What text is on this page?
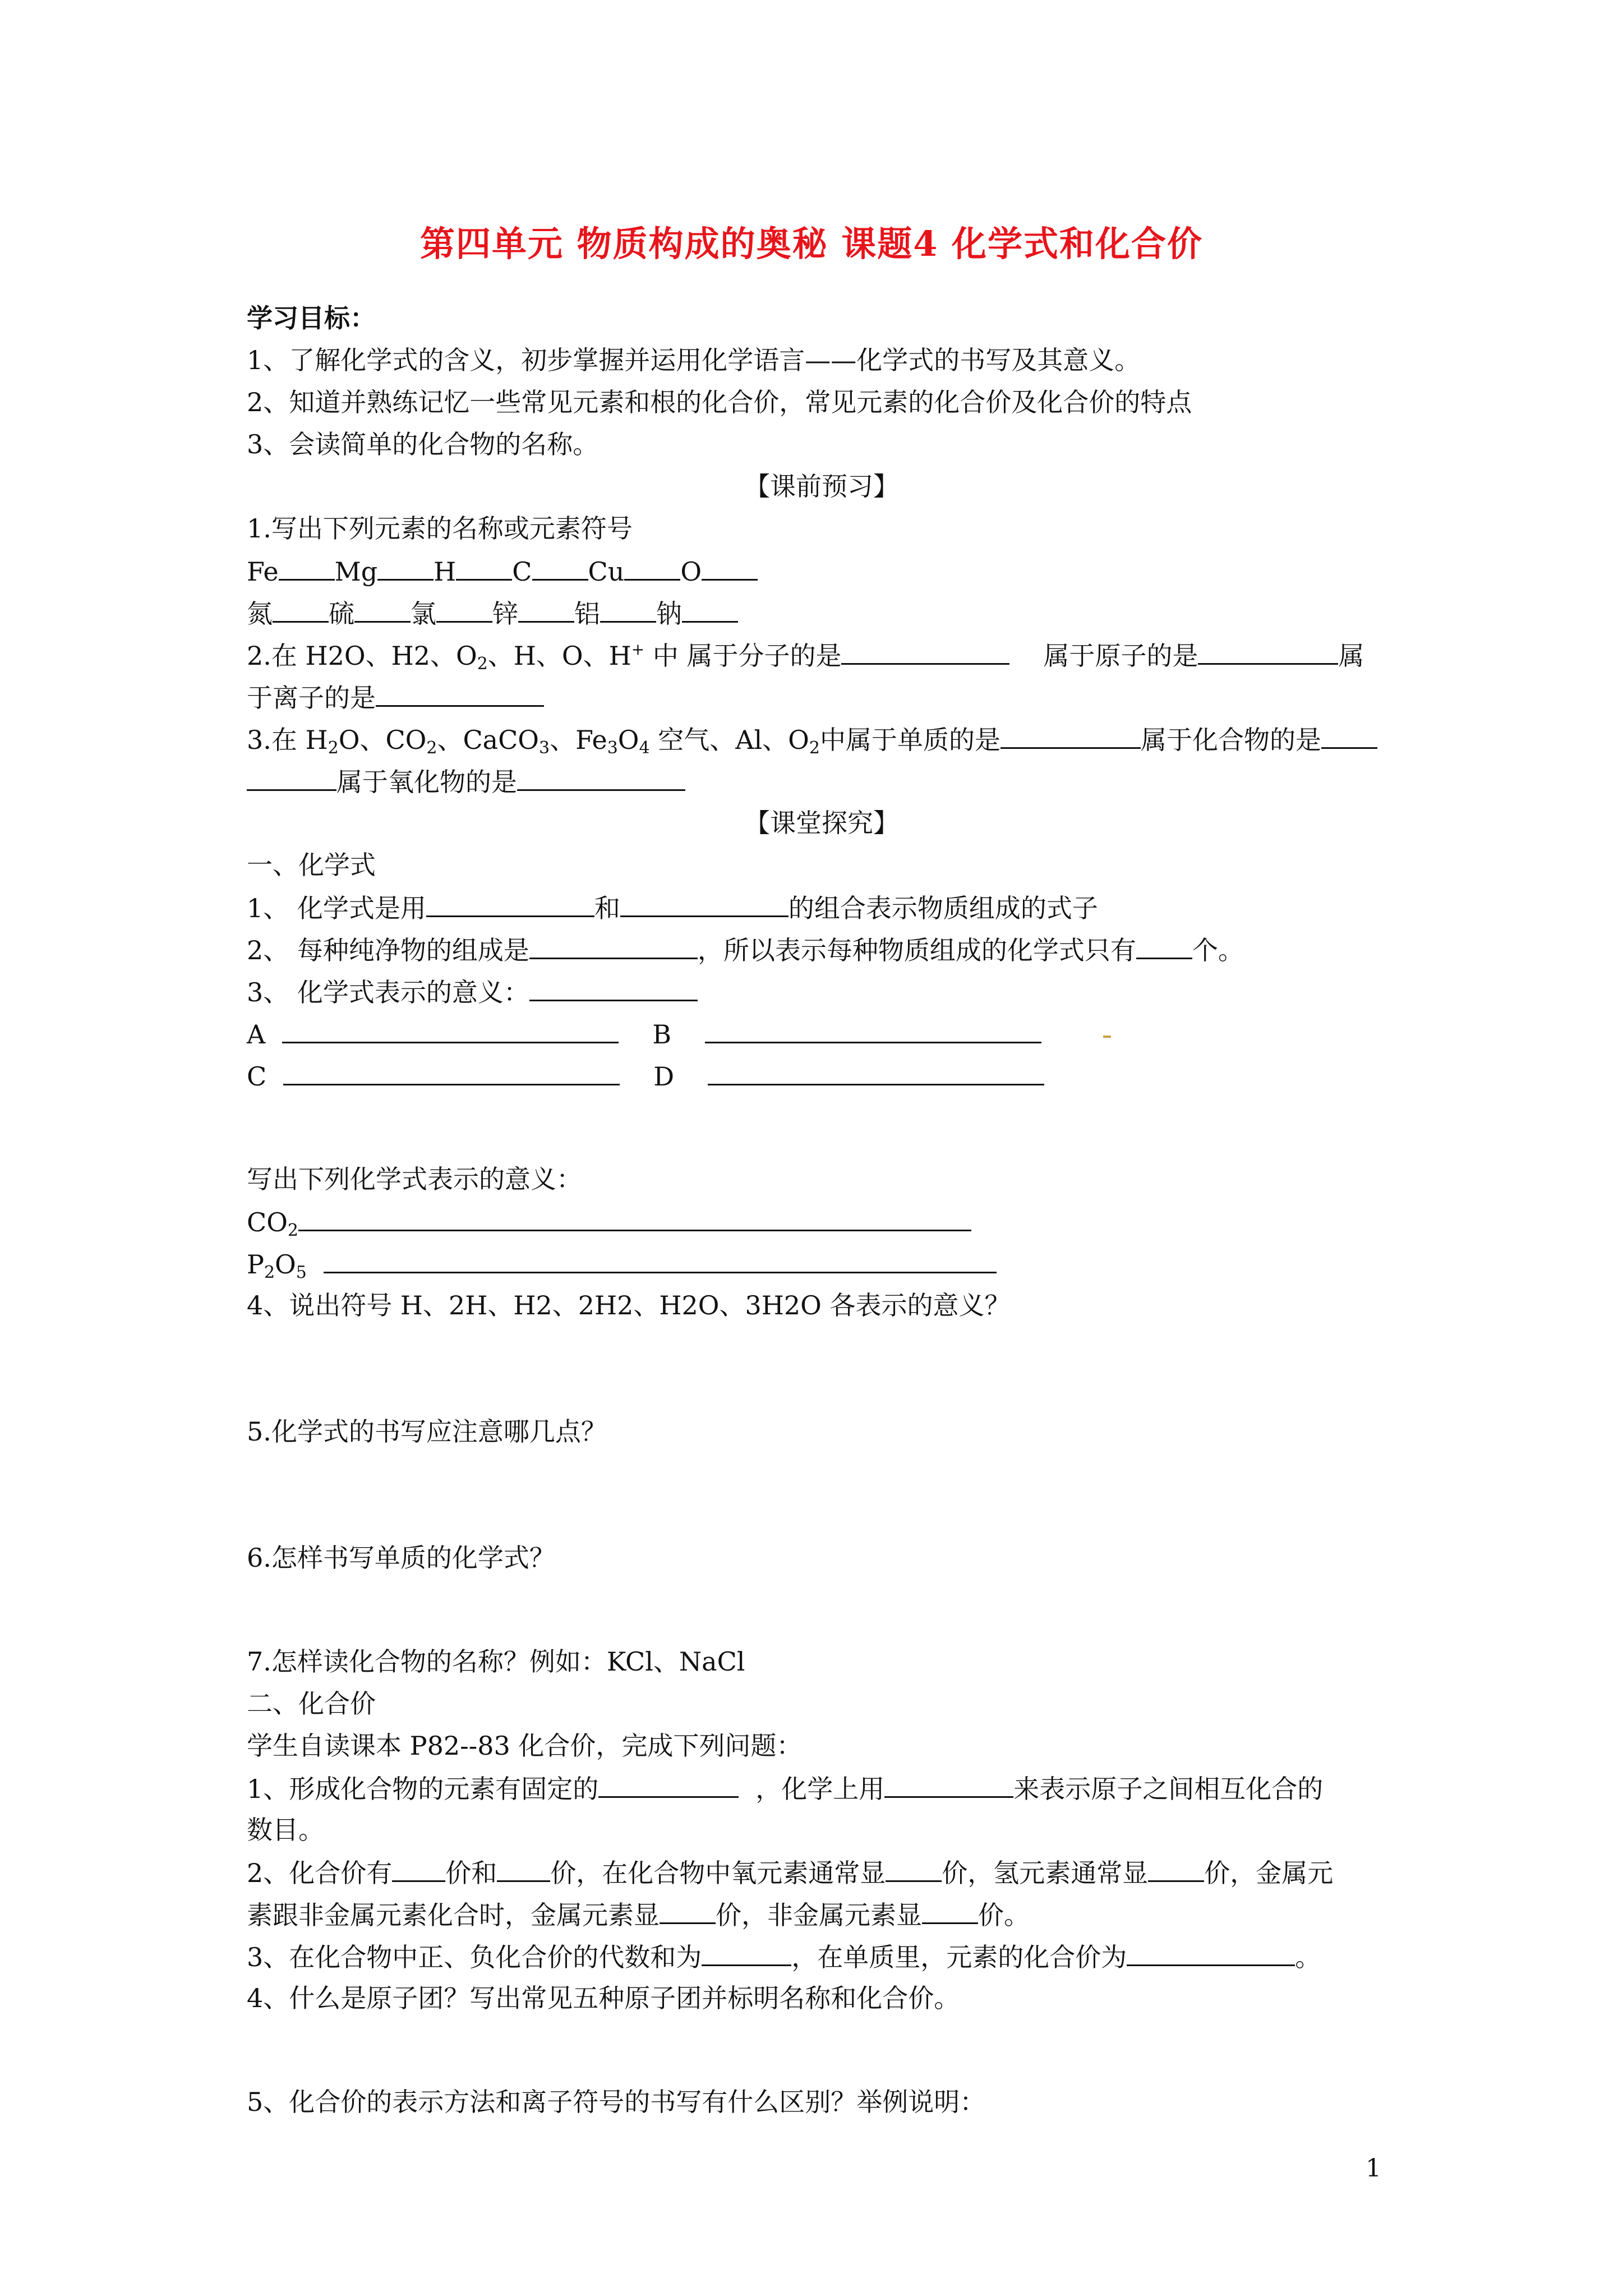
第四单元 物质构成的奥秘 课题4 化学式和化合价
学习目标：
1、了解化学式的含义，初步掌握并运用化学语言——化学式的书写及其意义。
2、知道并熟练记忆一些常见元素和根的化合价，常见元素的化合价及化合价的特点
3、会读简单的化合物的名称。
【课前预习】
1.写出下列元素的名称或元素符号
Fe Mg H C Cu O
氮 硫 氯 锌 铝 钠
2.在 H2O、H2、$O_2$、H、O、H+ 中 属于分子的是	属于原子的是	属
于离子的是
3.在 $H_2O$、$CO_2$、CaCO$_3$、$Fe_3O_4$ 空气、Al、$O_2$中属于单质的是	属于化合物的是
属于氧化物的是
【课堂探究】
一、化学式
1、 化学式是用	和	的组合表示物质组成的式子
2、 每种纯净物的组成是	，所以表示每种物质组成的化学式只有 个。
3、 化学式表示的意义：
A	B
C	D
写出下列化学式表示的意义：
$CO_2$
$P_2O_5$
4、说出符号 H、2H、H2、2H2、H2O、3H2O 各表示的意义？
5.化学式的书写应注意哪几点？
6.怎样书写单质的化学式？
7.怎样读化合物的名称？例如：KCl、NaCl
二、化合价
学生自读课本 P82--83 化合价，完成下列问题：
1、形成化合物的元素有固定的	，化学上用	来表示原子之间相互化合的
数目。
2、化合价有 价和 价，在化合物中氧元素通常显 价，氢元素通常显 价，金属元
素跟非金属元素化合时，金属元素显 价，非金属元素显 价。
3、在化合物中正、负化合价的代数和为	，在单质里，元素的化合价为	。
4、什么是原子团？写出常见五种原子团并标明名称和化合价。
5、化合价的表示方法和离子符号的书写有什么区别？举例说明：
1
